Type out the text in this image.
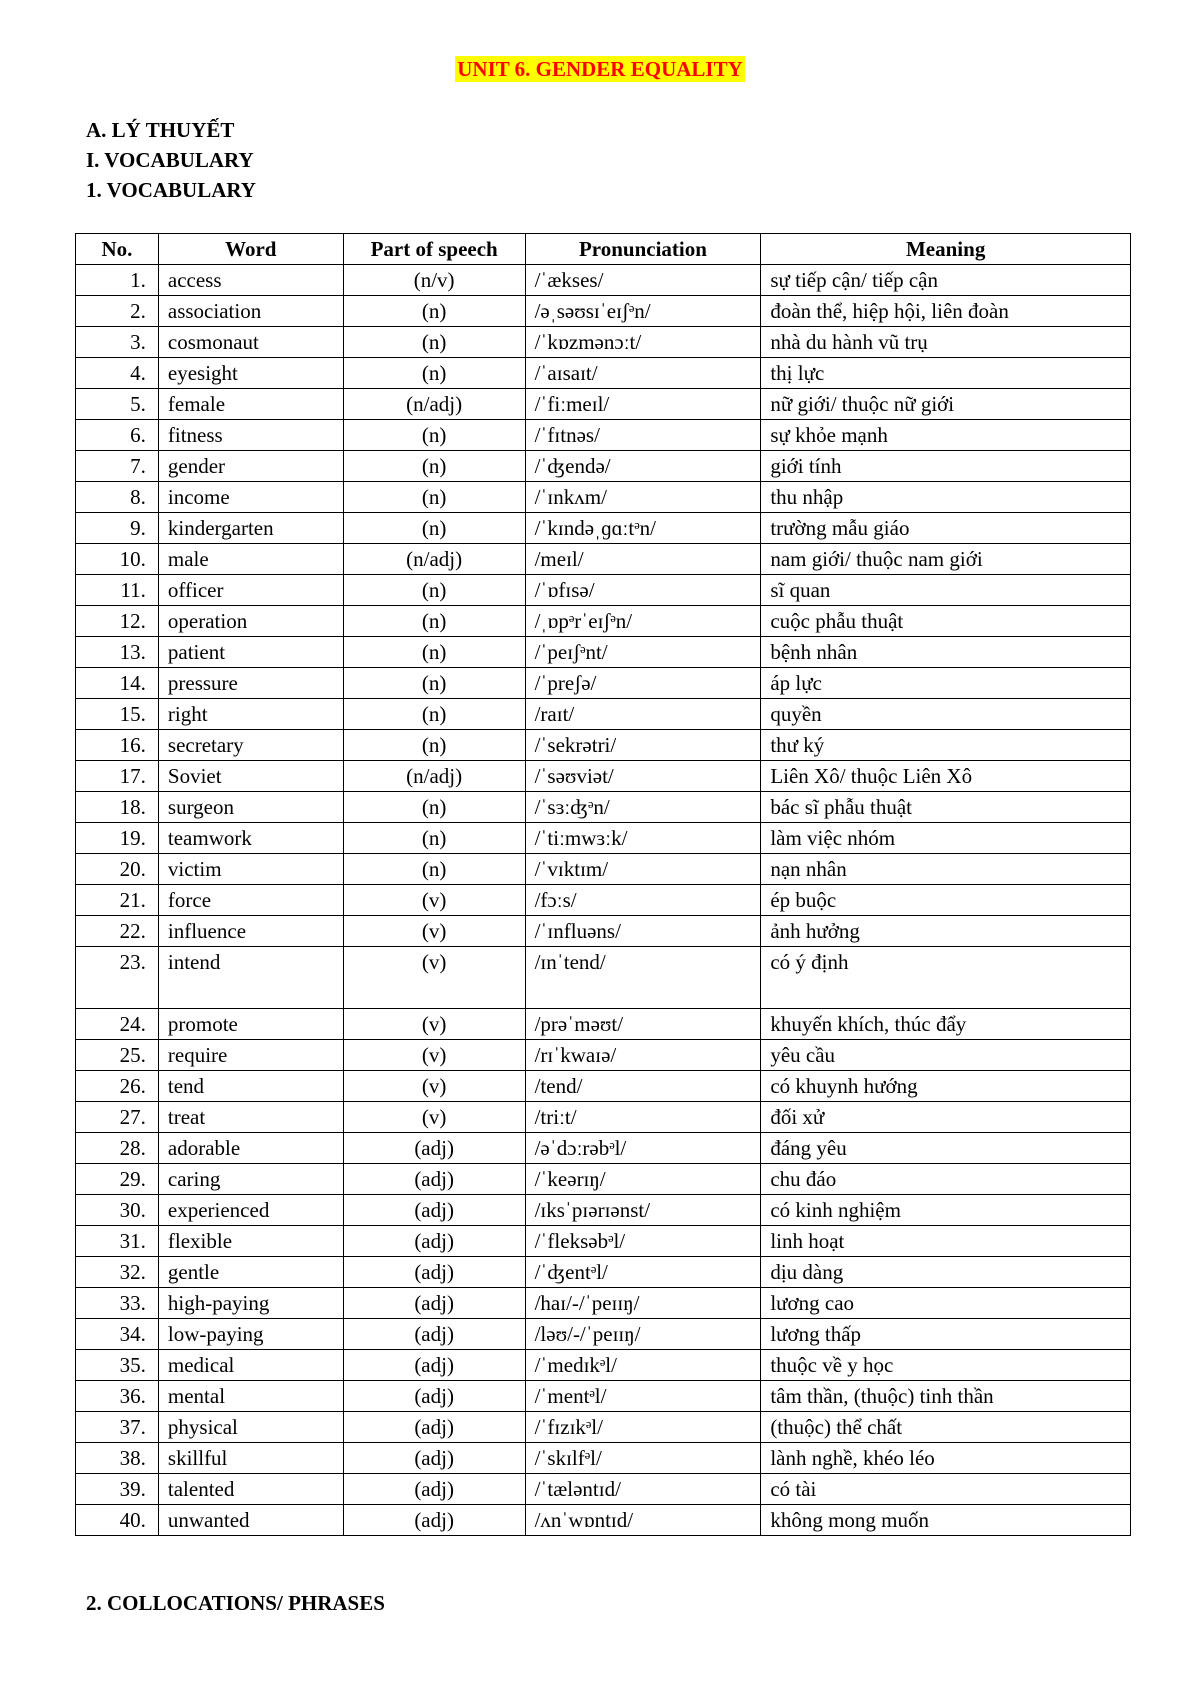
UNIT 6. GENDER EQUALITY
A. LÝ THUYẾT
I. VOCABULARY
1. VOCABULARY
No.	Word	Part of speech	Pronunciation	Meaning
1.	access	(n/v)	/ˈækses/	sự tiếp cận/ tiếp cận
2.	association	(n)	/əˌsəʊsɪˈeɪʃᵊn/	đoàn thể, hiệp hội, liên đoàn
3.	cosmonaut	(n)	/ˈkɒzmənɔːt/	nhà du hành vũ trụ
4.	eyesight	(n)	/ˈaɪsaɪt/	thị lực
5.	female	(n/adj)	/ˈfiːmeɪl/	nữ giới/ thuộc nữ giới
6.	fitness	(n)	/ˈfɪtnəs/	sự khỏe mạnh
7.	gender	(n)	/ˈʤendə/	giới tính
8.	income	(n)	/ˈɪnkʌm/	thu nhập
9.	kindergarten	(n)	/ˈkɪndəˌɡɑːtᵊn/	trường mẫu giáo
10.	male	(n/adj)	/meɪl/	nam giới/ thuộc nam giới
11.	officer	(n)	/ˈɒfɪsə/	sĩ quan
12.	operation	(n)	/ˌɒpᵊrˈeɪʃᵊn/	cuộc phẫu thuật
13.	patient	(n)	/ˈpeɪʃᵊnt/	bệnh nhân
14.	pressure	(n)	/ˈpreʃə/	áp lực
15.	right	(n)	/raɪt/	quyền
16.	secretary	(n)	/ˈsekrətri/	thư ký
17.	Soviet	(n/adj)	/ˈsəʊviət/	Liên Xô/ thuộc Liên Xô
18.	surgeon	(n)	/ˈsɜːʤᵊn/	bác sĩ phẫu thuật
19.	teamwork	(n)	/ˈtiːmwɜːk/	làm việc nhóm
20.	victim	(n)	/ˈvɪktɪm/	nạn nhân
21.	force	(v)	/fɔːs/	ép buộc
22.	influence	(v)	/ˈɪnfluəns/	ảnh hưởng
23.	intend	(v)	/ɪnˈtend/	có ý định
24.	promote	(v)	/prəˈməʊt/	khuyến khích, thúc đẩy
25.	require	(v)	/rɪˈkwaɪə/	yêu cầu
26.	tend	(v)	/tend/	có khuynh hướng
27.	treat	(v)	/triːt/	đối xử
28.	adorable	(adj)	/əˈdɔːrəbᵊl/	đáng yêu
29.	caring	(adj)	/ˈkeərɪŋ/	chu đáo
30.	experienced	(adj)	/ɪksˈpɪərɪənst/	có kinh nghiệm
31.	flexible	(adj)	/ˈfleksəbᵊl/	linh hoạt
32.	gentle	(adj)	/ˈʤentᵊl/	dịu dàng
33.	high-paying	(adj)	/haɪ/-/ˈpeɪɪŋ/	lương cao
34.	low-paying	(adj)	/ləʊ/-/ˈpeɪɪŋ/	lương thấp
35.	medical	(adj)	/ˈmedɪkᵊl/	thuộc về y học
36.	mental	(adj)	/ˈmentᵊl/	tâm thần, (thuộc) tinh thần
37.	physical	(adj)	/ˈfɪzɪkᵊl/	(thuộc) thể chất
38.	skillful	(adj)	/ˈskɪlfᵊl/	lành nghề, khéo léo
39.	talented	(adj)	/ˈtæləntɪd/	có tài
40.	unwanted	(adj)	/ʌnˈwɒntɪd/	không mong muốn
2. COLLOCATIONS/ PHRASES
